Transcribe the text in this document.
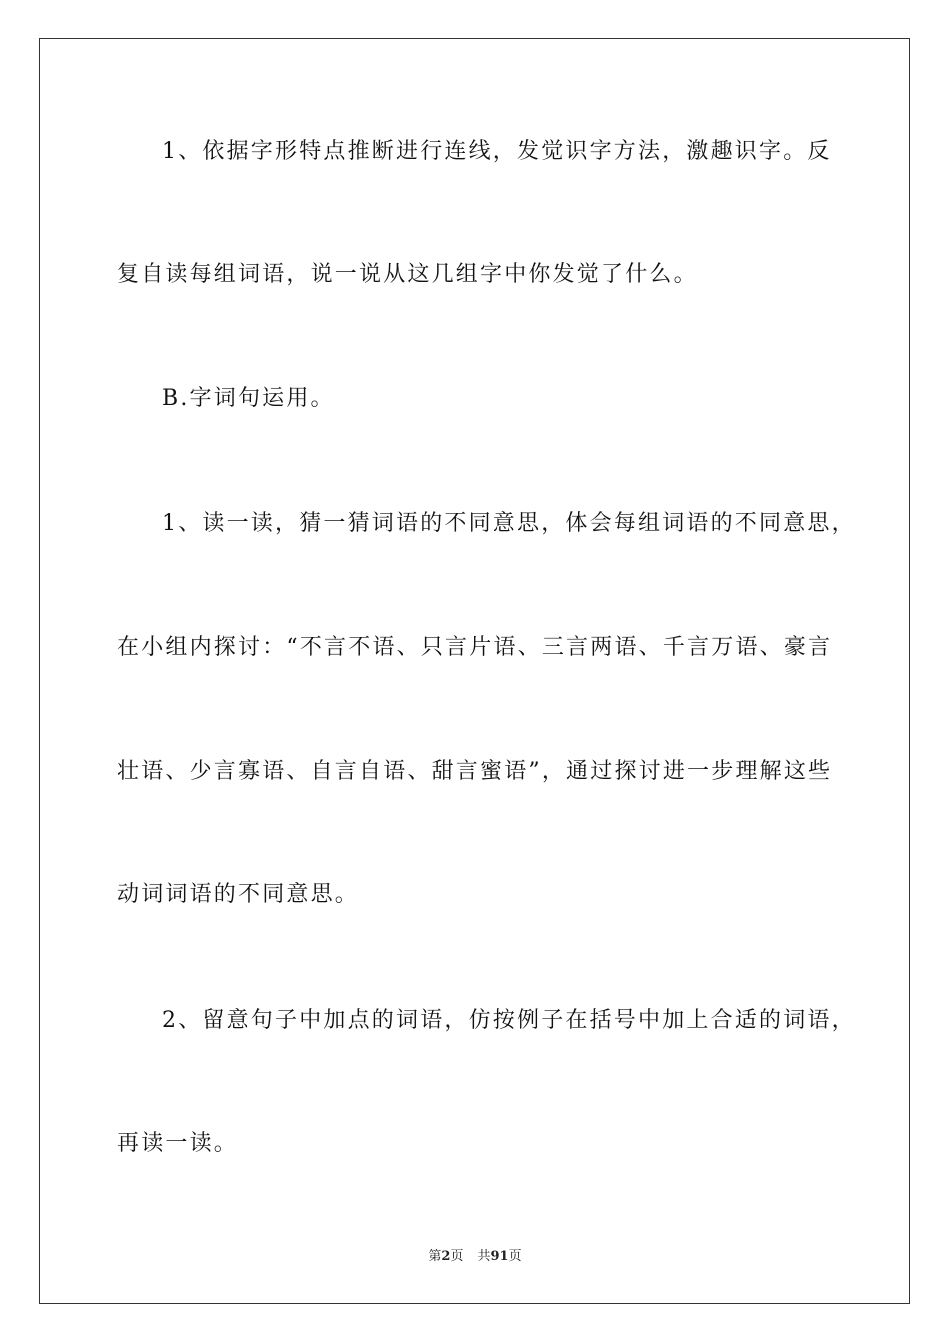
1、依据字形特点推断进行连线，发觉识字方法，激趣识字。反
复自读每组词语，说一说从这几组字中你发觉了什么。
B.字词句运用。
1、读一读，猜一猜词语的不同意思，体会每组词语的不同意思，
在小组内探讨：“不言不语、只言片语、三言两语、千言万语、豪言
壮语、少言寡语、自言自语、甜言蜜语”，通过探讨进一步理解这些
动词词语的不同意思。
2、留意句子中加点的词语，仿按例子在括号中加上合适的词语，
再读一读。
第2页 共91页
